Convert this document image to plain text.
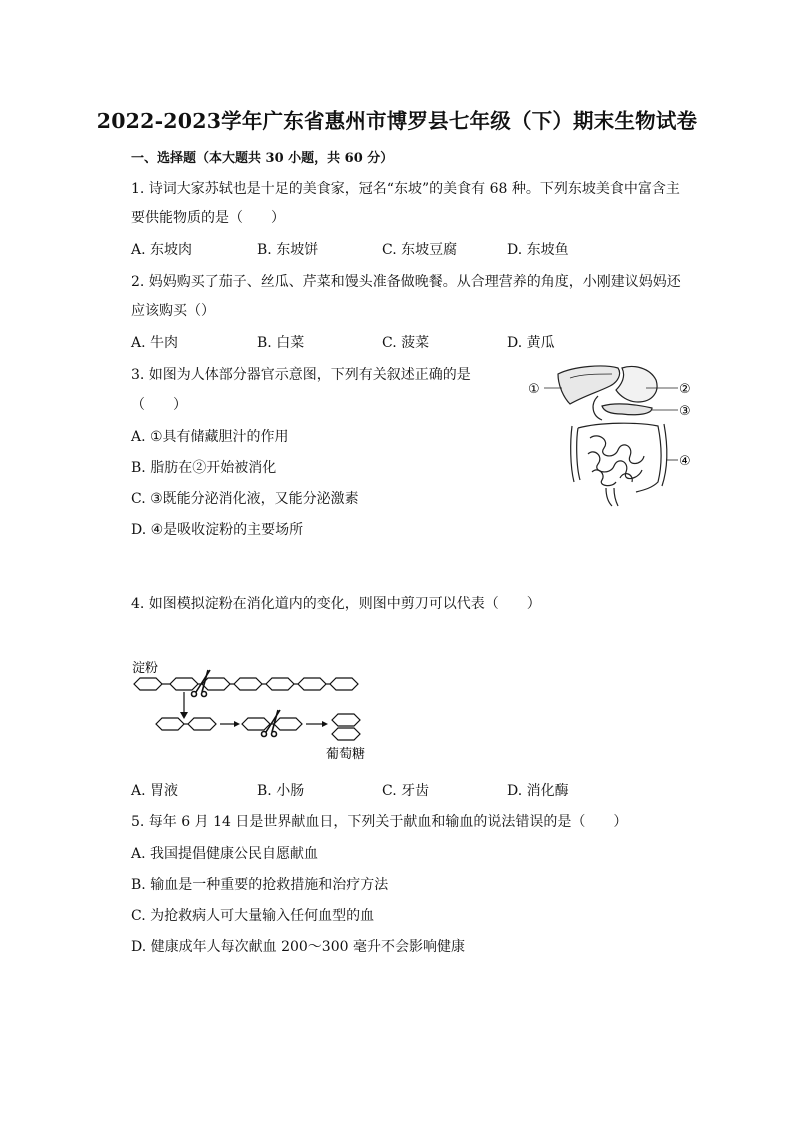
2022-2023学年广东省惠州市博罗县七年级（下）期末生物试卷
一、选择题（本大题共 30 小题，共 60 分）
1. 诗词大家苏轼也是十足的美食家，冠名“东坡”的美食有 68 种。下列东坡美食中富含主
要供能物质的是（　　）
A. 东坡肉	B. 东坡饼	C. 东坡豆腐	D. 东坡鱼
2. 妈妈购买了茄子、丝瓜、芹菜和馒头准备做晚餐。从合理营养的角度，小刚建议妈妈还
应该购买（）
A. 牛肉	B. 白菜	C. 菠菜	D. 黄瓜
3. 如图为人体部分器官示意图，下列有关叙述正确的是
（　　）
A. ①具有储藏胆汁的作用
B. 脂肪在②开始被消化
C. ③既能分泌消化液，又能分泌激素
D. ④是吸收淀粉的主要场所
①	②
③
④
4. 如图模拟淀粉在消化道内的变化，则图中剪刀可以代表（　　）
淀粉
葡萄糖
A. 胃液	B. 小肠	C. 牙齿	D. 消化酶
5. 每年 6 月 14 日是世界献血日，下列关于献血和输血的说法错误的是（　　）
A. 我国提倡健康公民自愿献血
B. 输血是一种重要的抢救措施和治疗方法
C. 为抢救病人可大量输入任何血型的血
D. 健康成年人每次献血 200～300 毫升不会影响健康
